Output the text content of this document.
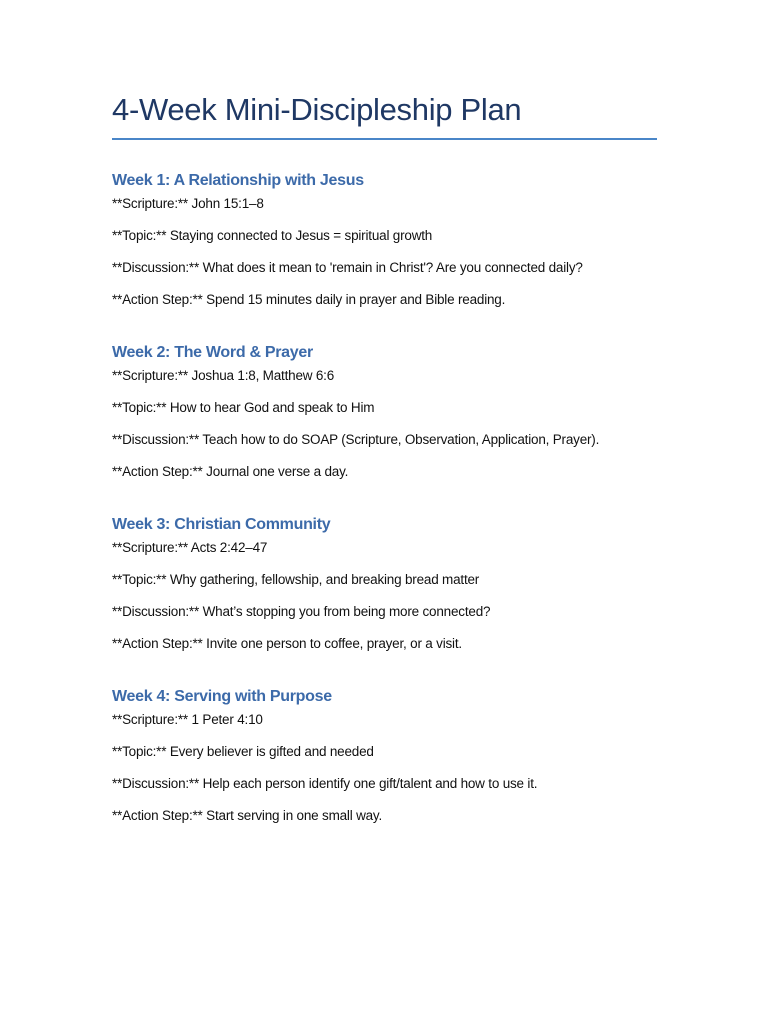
4-Week Mini-Discipleship Plan
Week 1: A Relationship with Jesus

**Scripture:** John 15:1–8

**Topic:** Staying connected to Jesus = spiritual growth

**Discussion:** What does it mean to 'remain in Christ'? Are you connected daily?

**Action Step:** Spend 15 minutes daily in prayer and Bible reading.

Week 2: The Word & Prayer

**Scripture:** Joshua 1:8, Matthew 6:6

**Topic:** How to hear God and speak to Him

**Discussion:** Teach how to do SOAP (Scripture, Observation, Application, Prayer).

**Action Step:** Journal one verse a day.

Week 3: Christian Community

**Scripture:** Acts 2:42–47

**Topic:** Why gathering, fellowship, and breaking bread matter

**Discussion:** What’s stopping you from being more connected?

**Action Step:** Invite one person to coffee, prayer, or a visit.

Week 4: Serving with Purpose

**Scripture:** 1 Peter 4:10

**Topic:** Every believer is gifted and needed

**Discussion:** Help each person identify one gift/talent and how to use it.

**Action Step:** Start serving in one small way.
